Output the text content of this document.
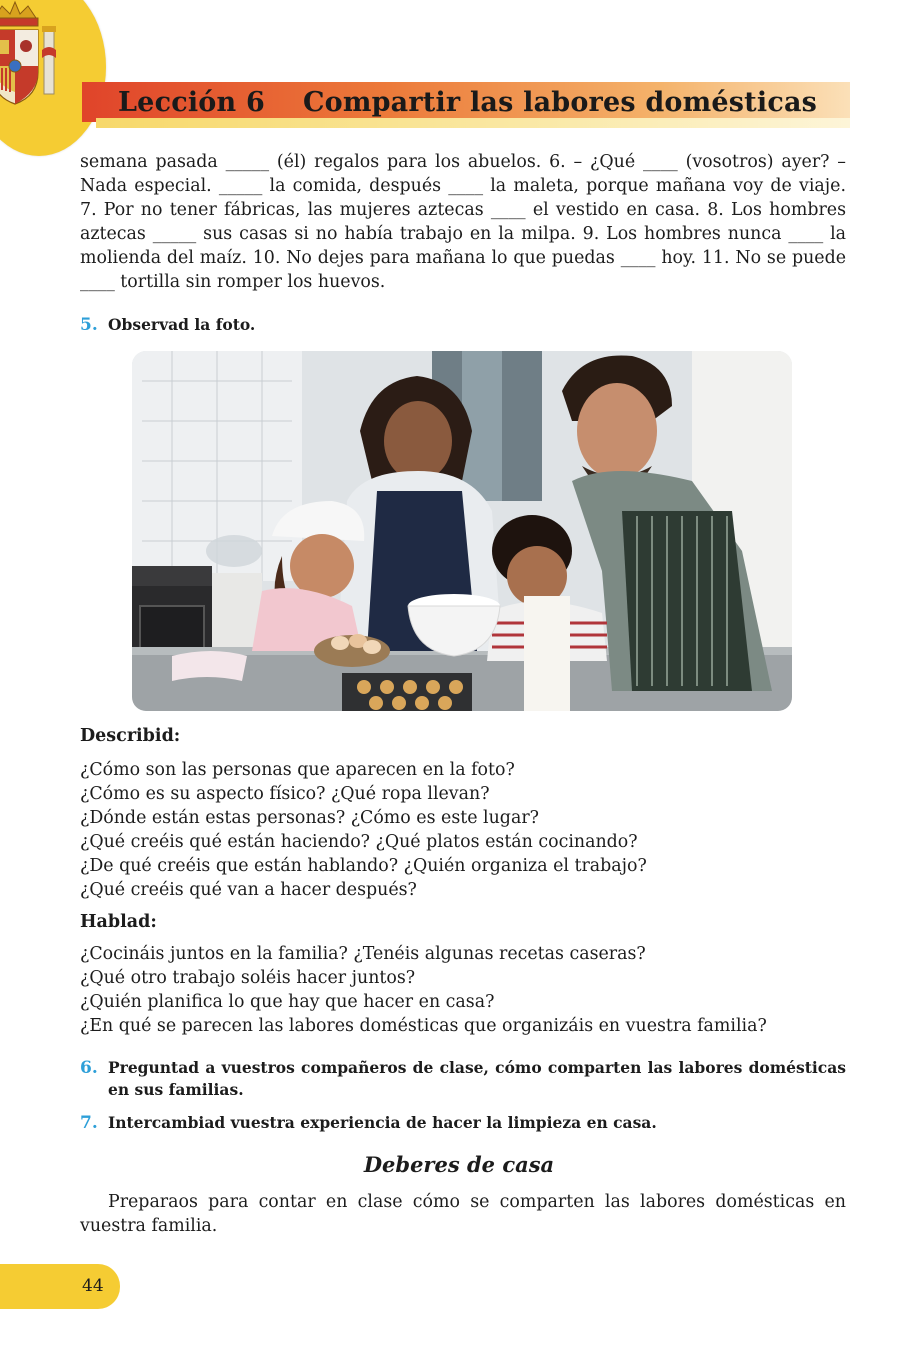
Lección 6 Compartir las labores domésticas

semana pasada _____ (él) regalos para los abuelos. 6. – ¿Qué ____ (vosotros) ayer? –

Nada especial. _____ la comida, después ____ la maleta, porque mañana voy de viaje.

7. Por no tener fábricas, las mujeres aztecas ____ el vestido en casa. 8. Los hombres

aztecas _____ sus casas si no había trabajo en la milpa. 9. Los hombres nunca ____ la

molienda del maíz. 10. No dejes para mañana lo que puedas ____ hoy. 11. No se puede

____ tortilla sin romper los huevos.

5. Observad la foto.
Describid:
¿Cómo son las personas que aparecen en la foto?
¿Cómo es su aspecto físico? ¿Qué ropa llevan?
¿Dónde están estas personas? ¿Cómo es este lugar?
¿Qué creéis qué están haciendo? ¿Qué platos están cocinando?
¿De qué creéis que están hablando? ¿Quién organiza el trabajo?
¿Qué creéis qué van a hacer después?
Hablad:
¿Cocináis juntos en la familia? ¿Tenéis algunas recetas caseras?
¿Qué otro trabajo soléis hacer juntos?
¿Quién planifica lo que hay que hacer en casa?
¿En qué se parecen las labores domésticas que organizáis en vuestra familia?
6. Preguntad a vuestros compañeros de clase, cómo comparten las labores domésticas en sus familias.
7. Intercambiad vuestra experiencia de hacer la limpieza en casa.
Deberes de casa
Preparaos para contar en clase cómo se comparten las labores domésticas en vuestra familia.
44
